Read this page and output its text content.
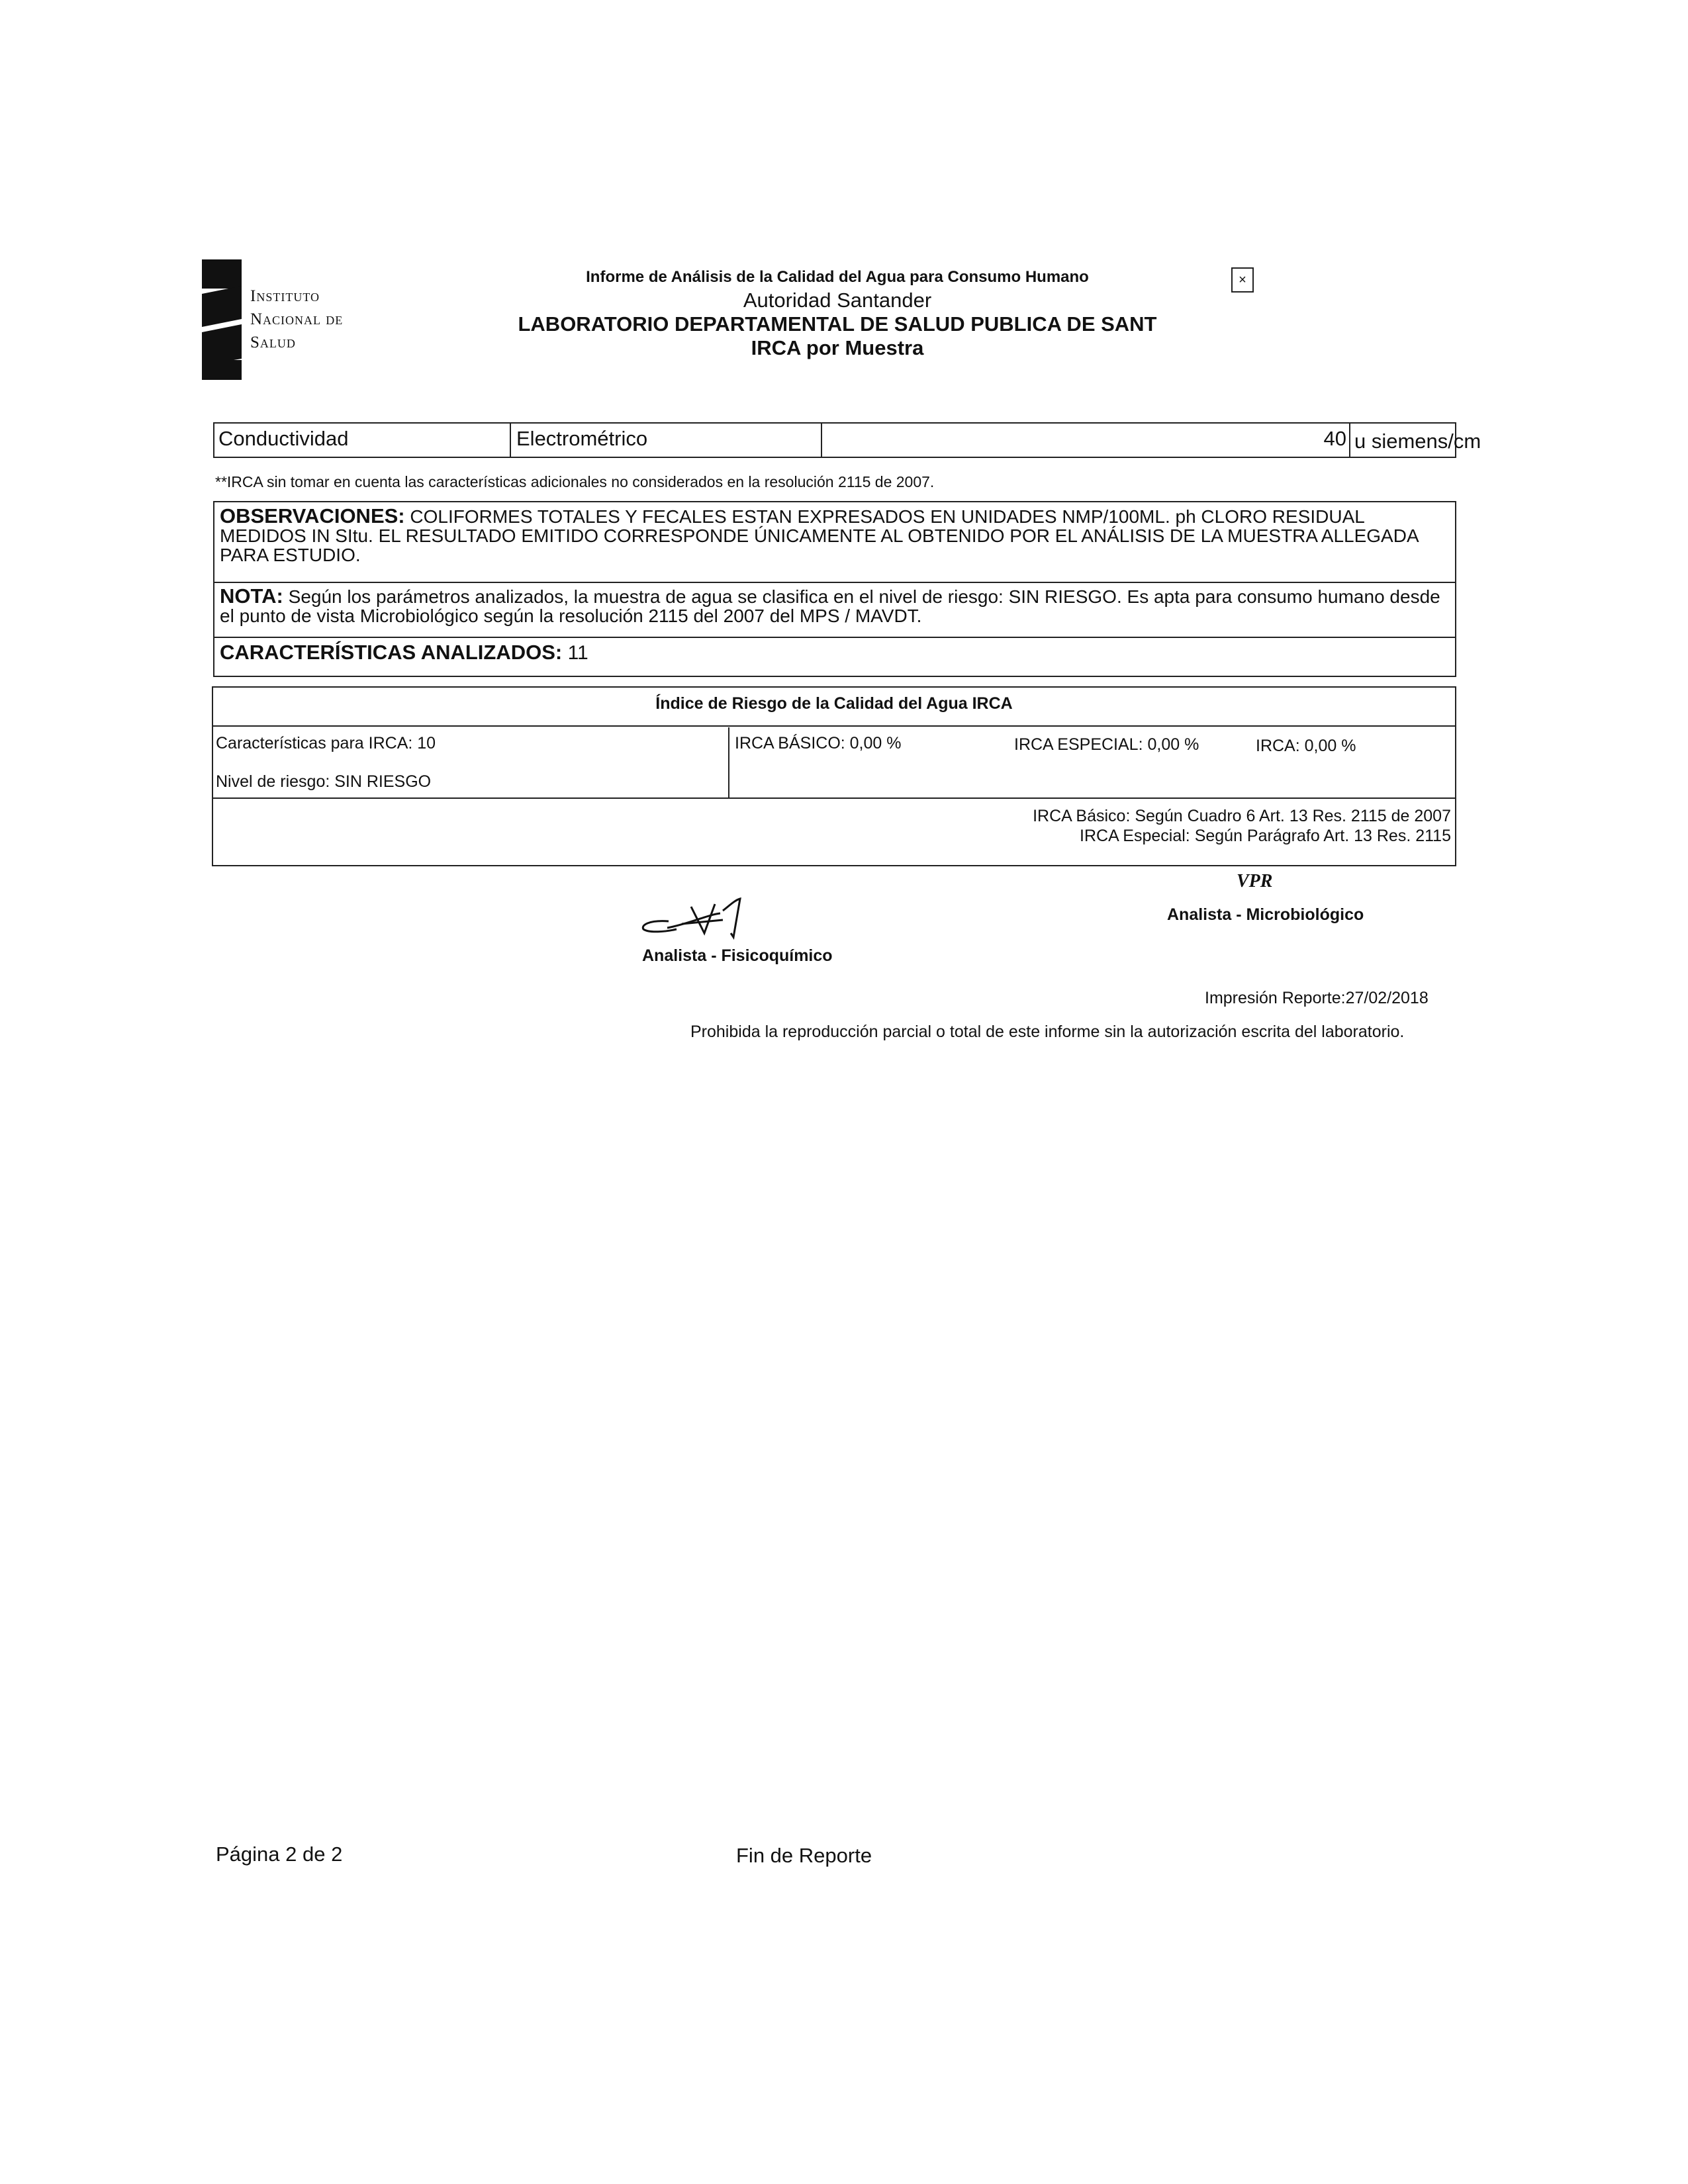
Instituto
Nacional de
Salud
Informe de Análisis de la Calidad del Agua para Consumo Humano
Autoridad Santander
LABORATORIO DEPARTAMENTAL DE SALUD PUBLICA DE SANT
IRCA por Muestra
×
Conductividad	Electrométrico	40 u siemens/cm
**IRCA sin tomar en cuenta las características adicionales no considerados en la resolución 2115 de 2007.
OBSERVACIONES: COLIFORMES TOTALES Y FECALES ESTAN EXPRESADOS EN UNIDADES NMP/100ML. ph CLORO RESIDUAL MEDIDOS IN SItu. EL RESULTADO EMITIDO CORRESPONDE ÚNICAMENTE AL OBTENIDO POR EL ANÁLISIS DE LA MUESTRA ALLEGADA PARA ESTUDIO.
NOTA: Según los parámetros analizados, la muestra de agua se clasifica en el nivel de riesgo: SIN RIESGO. Es apta para consumo humano desde el punto de vista Microbiológico según la resolución 2115 del 2007 del MPS / MAVDT.
CARACTERÍSTICAS ANALIZADOS: 11
Índice de Riesgo de la Calidad del Agua IRCA
Características para IRCA: 10
Nivel de riesgo: SIN RIESGO
IRCA BÁSICO: 0,00 %	IRCA ESPECIAL: 0,00 %	IRCA: 0,00 %
IRCA Básico: Según Cuadro 6 Art. 13 Res. 2115 de 2007
IRCA Especial: Según Parágrafo Art. 13 Res. 2115
VPR
Analista - Microbiológico
Analista - Fisicoquímico
Impresión Reporte:27/02/2018
Prohibida la reproducción parcial o total de este informe sin la autorización escrita del laboratorio.
Página 2 de 2	Fin de Reporte
